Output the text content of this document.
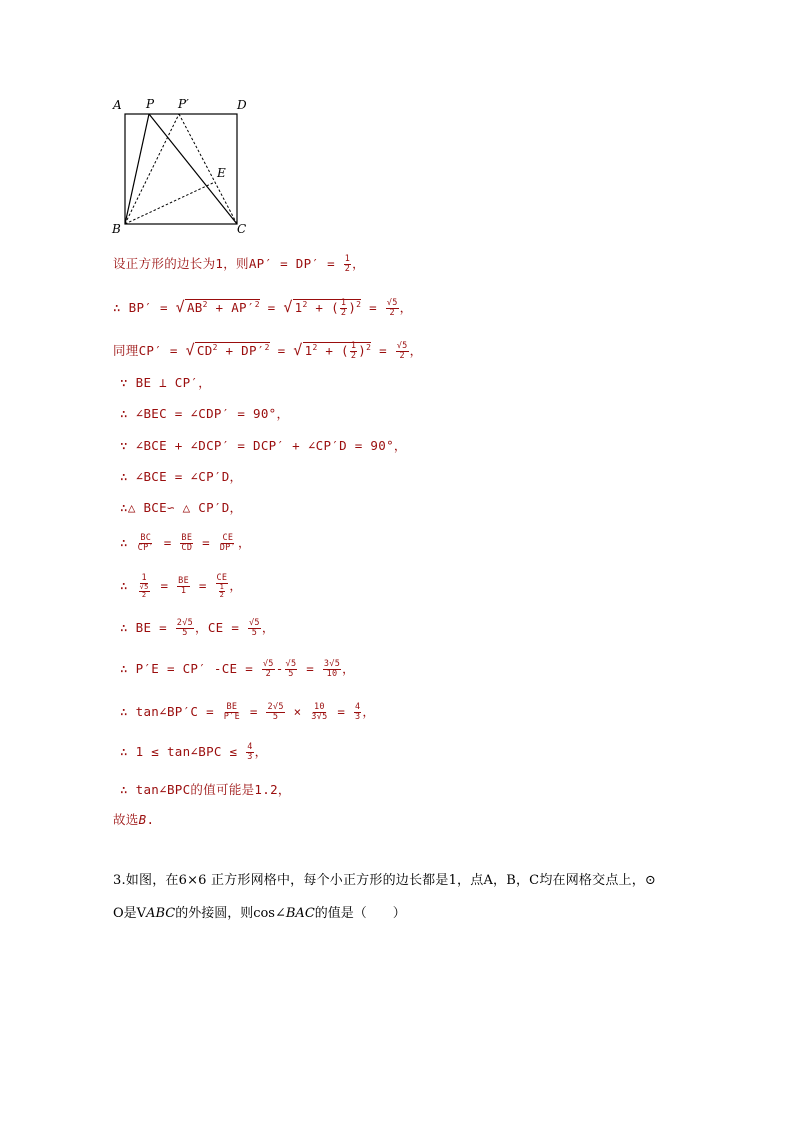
A P P′	D
E
B	C
设正方形的边长为1，则$AP' = DP' = \frac{1}{2}$ ，
∴ BP′ = √ $AB^2 + AP'^2$ = √ $1^2$ + ( $\frac{1}{2} )^2 = \frac{√5}{2}$ ，
同理CP′ = √ $CD^2 + DP'^2$ = √ $1^2$ + ( $\frac{1}{2} )^2 = \frac{√5}{2}$ ，
∵ BE ⊥ CP′，
∴ ∠BEC = ∠CDP′ = 90°，
∵ ∠BCE + ∠DCP′ = DCP′ + ∠CP′D = 90°，
∴ ∠BCE = ∠CP′D，
∴△ BCE∽ △ CP′D，
∴ $\frac{BC}{CP'} = \frac{BE}{CD} = \frac{CE}{DP'}$ ，
∴ $\frac{1}{\frac{√5}{2}} = \frac{BE}{1} = \frac{CE}{\frac{1}{2}}$ ，
∴ BE = $\frac{2√5}{5}$ ，CE = $\frac{√5}{5}$ ，
∴ P′E = CP′ $-CE = \frac{√5}{2} - \frac{√5}{5} = \frac{3√5}{10}$ ，
∴ tan∠BP′C = $\frac{BE}{P'E} = \frac{2√5}{5} \times \frac{10}{3√5} = \frac{4}{3}$ ，
∴ 1 ≤ tan∠BPC ≤ $\frac{4}{3}$ ，
∴ tan∠BPC的值可能是1.2，
故选B.
3.如图，在6×6 正方形网格中，每个小正方形的边长都是1，点A，B，C均在网格交点上，⊙
O是VABC的外接圆，则cos∠BAC的值是（　　）
